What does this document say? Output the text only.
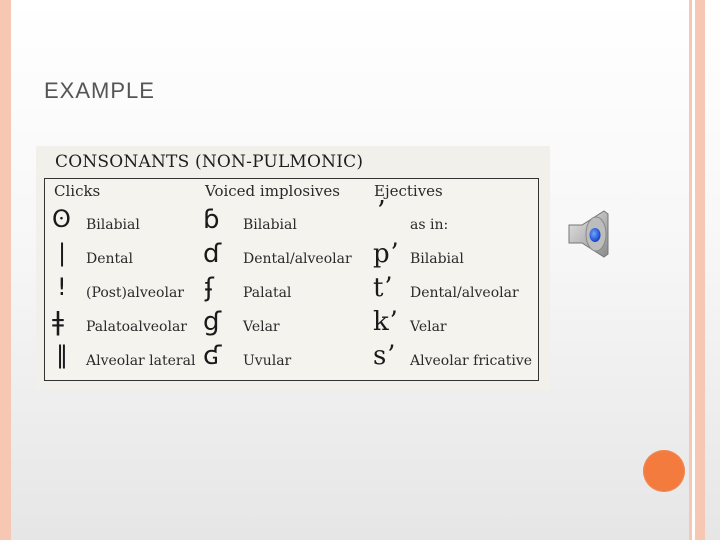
EXAMPLE
CONSONANTS (NON-PULMONIC)
Clicks	Voiced implosives Ejectives
ʘ Bilabial
| Dental
! (Post)alveolar
ǂ Palatoalveolar
‖ Alveolar lateral
ɓ Bilabial
ɗ Dental/alveolar
ʄ Palatal
ɠ Velar
ʛ Uvular
ʼ as in:
pʼ Bilabial
tʼ Dental/alveolar
kʼ Velar
sʼ Alveolar fricative
